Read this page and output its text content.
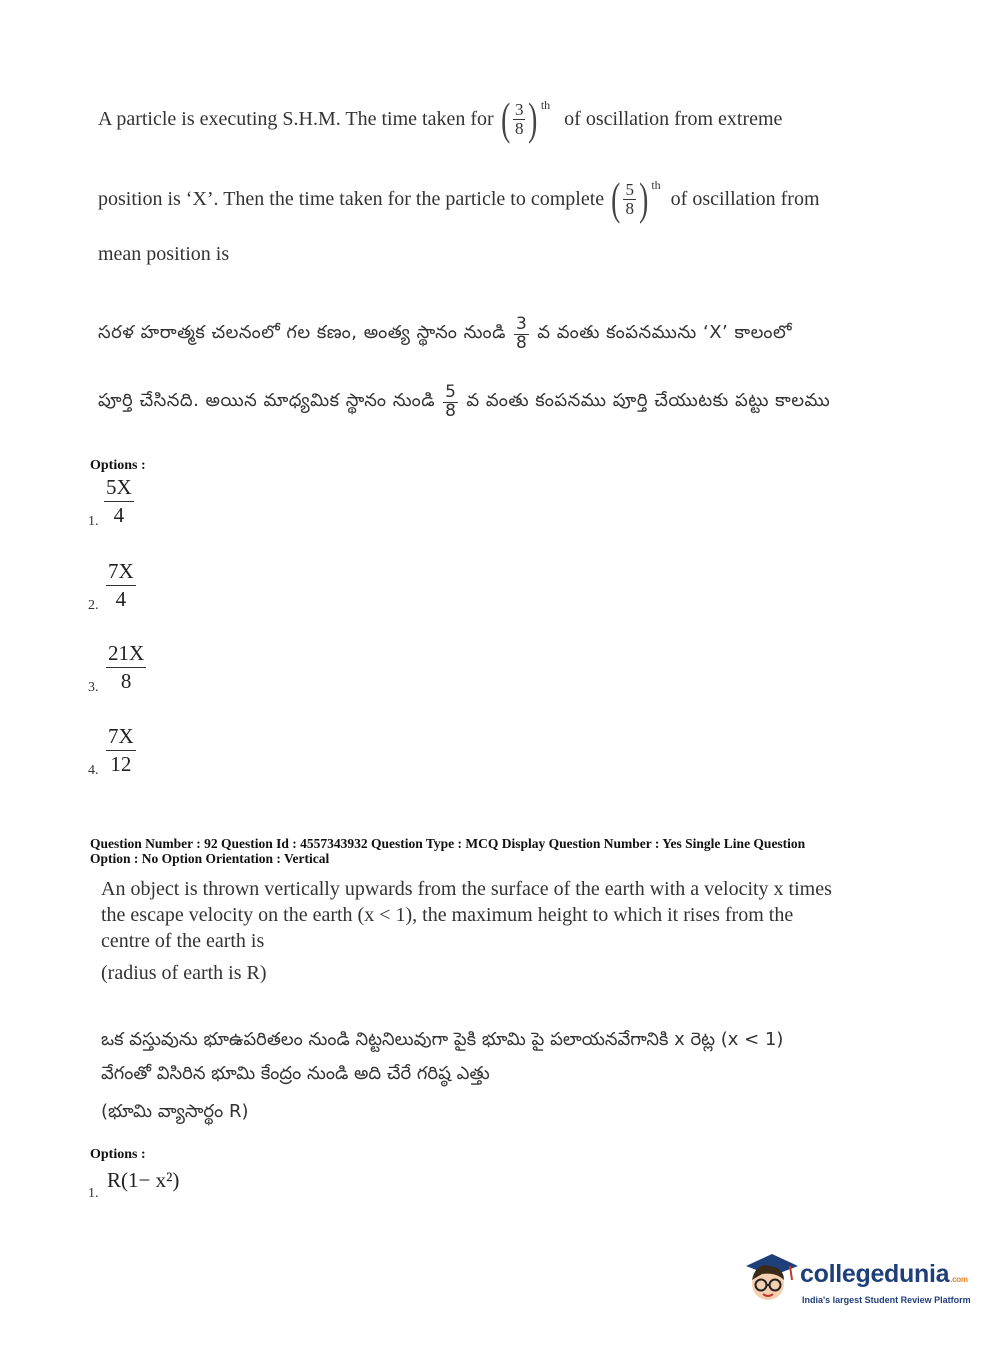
A particle is executing S.H.M. The time taken for ( $\frac{3}{8}$ ) $^{th}$
of oscillation from extreme
position is ‘X’. Then the time taken for the particle to complete ( $\frac{5}{8}$ ) $^{th}$
of oscillation from
mean position is
సరళ హరాత్మక చలనంలో గల కణం, అంత్య స్థానం నుండి $\frac{3}{8}$ వ వంతు కంపనమును ‘X’ కాలంలో
పూర్తి చేసినది. అయిన మాధ్యమిక స్థానం నుండి $\frac{5}{8}$ వ వంతు కంపనము పూర్తి చేయుటకు పట్టు కాలము
Options :
1. $\frac{5X}{4}$
2. $\frac{7X}{4}$
3. $\frac{21X}{8}$
4. $\frac{7X}{12}$
Question Number : 92 Question Id : 4557343932 Question Type : MCQ Display Question Number : Yes Single Line Question
Option : No Option Orientation : Vertical
An object is thrown vertically upwards from the surface of the earth with a velocity x times
the escape velocity on the earth (x < 1), the maximum height to which it rises from the
centre of the earth is
(radius of earth is R)
ఒక వస్తువును భూఉపరితలం నుండి నిట్టనిలువుగా పైకి భూమి పై పలాయనవేగానికి x రెట్ల (x < 1)
వేగంతో విసిరిన భూమి కేంద్రం నుండి అది చేరే గరిష్ఠ ఎత్తు
(భూమి వ్యాసార్థం R)
Options :
1.
R(1− x²)
collegedunia.com
India's largest Student Review Platform
